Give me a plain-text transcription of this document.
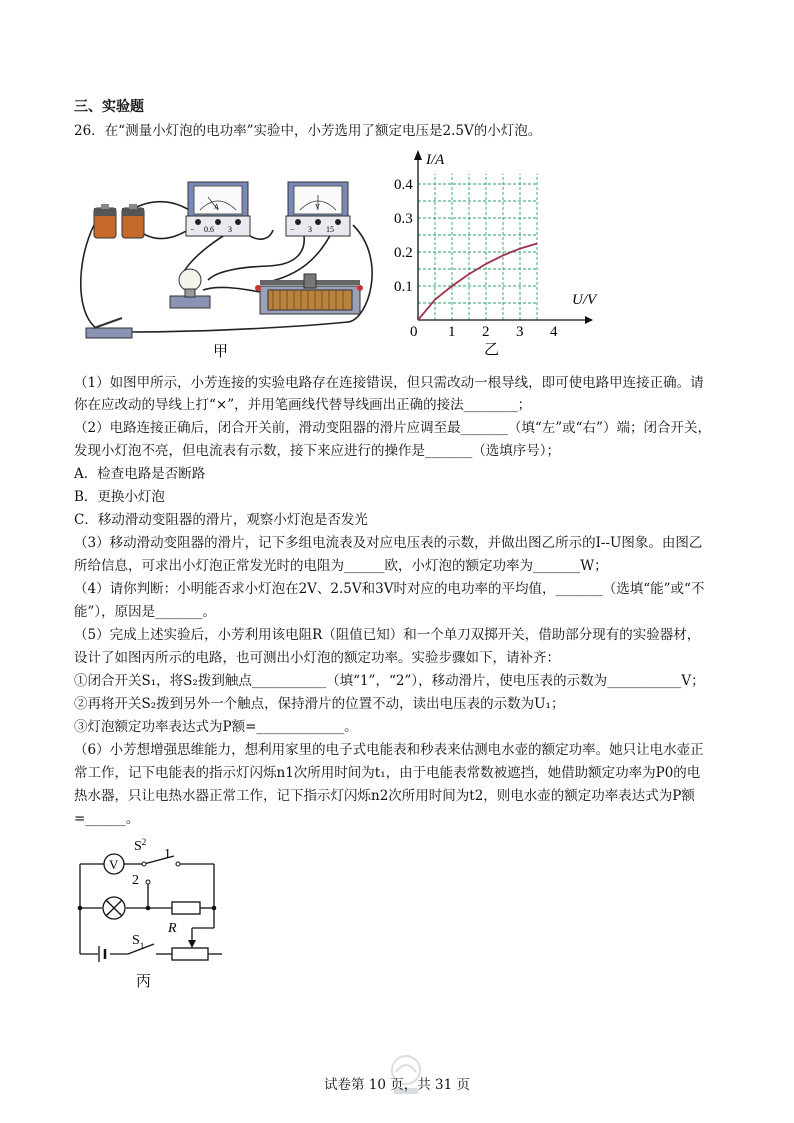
三、实验题
26．在“测量小灯泡的电功率”实验中，小芳选用了额定电压是2.5V的小灯泡。
A
− 0.6 3
V
− 3 15
甲
I/A
U/V
0 1 2 3 4
0.1
0.2
0.3
0.4
乙
（1）如图甲所示，小芳连接的实验电路存在连接错误，但只需改动一根导线，即可使电路甲连接正确。请
你在应改动的导线上打“×”，并用笔画线代替导线画出正确的接法________；
（2）电路连接正确后，闭合开关前，滑动变阻器的滑片应调至最_______（填“左”或“右”）端；闭合开关，
发现小灯泡不亮，但电流表有示数，接下来应进行的操作是_______（选填序号）；
A．检查电路是否断路
B．更换小灯泡
C．移动滑动变阻器的滑片，观察小灯泡是否发光
（3）移动滑动变阻器的滑片，记下多组电流表及对应电压表的示数，并做出图乙所示的I--U图象。由图乙
所给信息，可求出小灯泡正常发光时的电阻为______欧，小灯泡的额定功率为_______W；
（4）请你判断：小明能否求小灯泡在2V、2.5V和3V时对应的电功率的平均值，_______（选填“能”或“不
能”），原因是_______。
（5）完成上述实验后，小芳利用该电阻R（阻值已知）和一个单刀双掷开关，借助部分现有的实验器材，
设计了如图丙所示的电路，也可测出小灯泡的额定功率。实验步骤如下，请补齐：
①闭合开关S₁，将S₂拨到触点___________（填“1”，“2”），移动滑片，使电压表的示数为___________V；
②再将开关S₂拨到另外一个触点，保持滑片的位置不动，读出电压表的示数为U₁；
③灯泡额定功率表达式为P额=_____________。
（6）小芳想增强思维能力，想利用家里的电子式电能表和秒表来估测电水壶的额定功率。她只让电水壶正
常工作，记下电能表的指示灯闪烁n1次所用时间为t₁，由于电能表常数被遮挡，她借助额定功率为P0的电
热水器，只让电热水器正常工作，记下指示灯闪烁n2次所用时间为t2，则电水壶的额定功率表达式为P额
=______。
V
R
$S^2$
1
2
$S_1$
丙
试卷第 10 页，共 31 页
